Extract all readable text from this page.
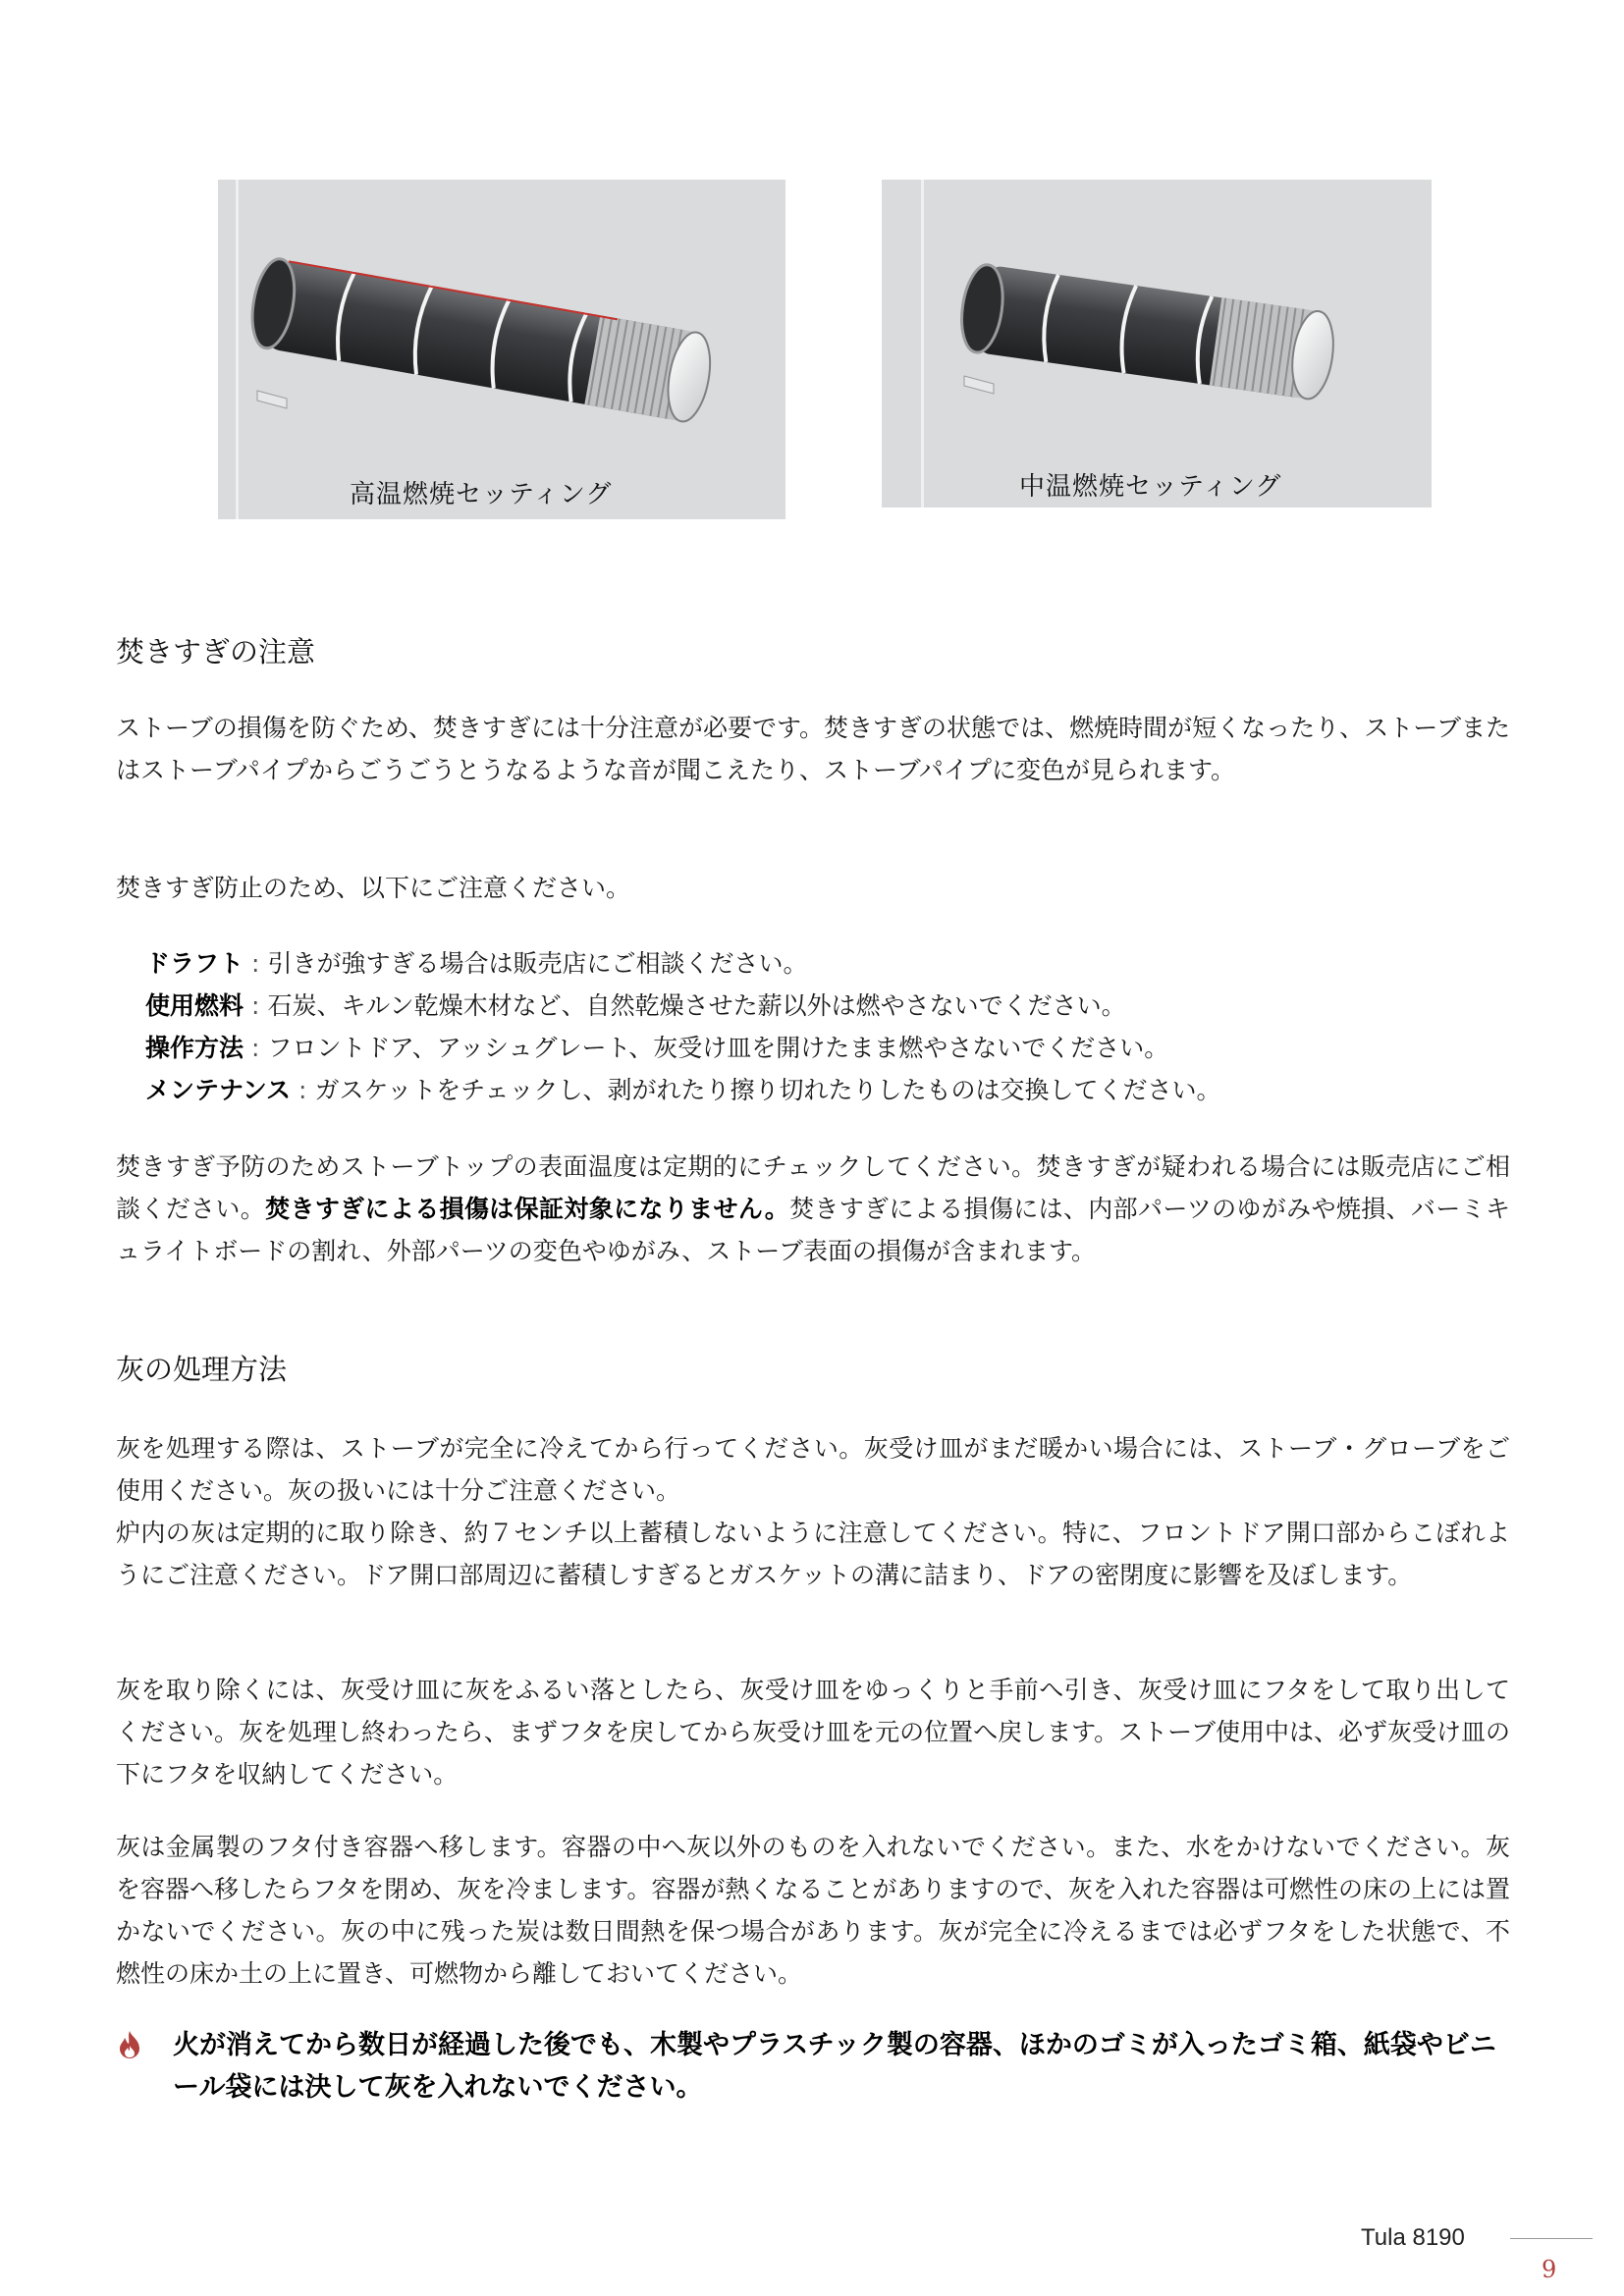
高温燃焼セッティング	中温燃焼セッティング
焚きすぎの注意

ストーブの損傷を防ぐため、焚きすぎには十分注意が必要です。焚きすぎの状態では、燃焼時間が短くなったり、ストーブまたはストーブパイプからごうごうとうなるような音が聞こえたり、ストーブパイプに変色が見られます。

焚きすぎ防止のため、以下にご注意ください。

ドラフト : 引きが強すぎる場合は販売店にご相談ください。
使用燃料 : 石炭、キルン乾燥木材など、自然乾燥させた薪以外は燃やさないでください。
操作方法 : フロントドア、アッシュグレート、灰受け皿を開けたまま燃やさないでください。
メンテナンス : ガスケットをチェックし、剥がれたり擦り切れたりしたものは交換してください。

焚きすぎ予防のためストーブトップの表面温度は定期的にチェックしてください。焚きすぎが疑われる場合には販売店にご相談ください。焚きすぎによる損傷は保証対象になりません。焚きすぎによる損傷には、内部パーツのゆがみや焼損、バーミキュライトボードの割れ、外部パーツの変色やゆがみ、ストーブ表面の損傷が含まれます。

灰の処理方法

灰を処理する際は、ストーブが完全に冷えてから行ってください。灰受け皿がまだ暖かい場合には、ストーブ・グローブをご使用ください。灰の扱いには十分ご注意ください。

炉内の灰は定期的に取り除き、約７センチ以上蓄積しないように注意してください。特に、フロントドア開口部からこぼれようにご注意ください。ドア開口部周辺に蓄積しすぎるとガスケットの溝に詰まり、ドアの密閉度に影響を及ぼします。

灰を取り除くには、灰受け皿に灰をふるい落としたら、灰受け皿をゆっくりと手前へ引き、灰受け皿にフタをして取り出してください。灰を処理し終わったら、まずフタを戻してから灰受け皿を元の位置へ戻します。ストーブ使用中は、必ず灰受け皿の下にフタを収納してください。

灰は金属製のフタ付き容器へ移します。容器の中へ灰以外のものを入れないでください。また、水をかけないでください。灰を容器へ移したらフタを閉め、灰を冷まします。容器が熱くなることがありますので、灰を入れた容器は可燃性の床の上には置かないでください。灰の中に残った炭は数日間熱を保つ場合があります。灰が完全に冷えるまでは必ずフタをした状態で、不燃性の床か土の上に置き、可燃物から離しておいてください。

火が消えてから数日が経過した後でも、木製やプラスチック製の容器、ほかのゴミが入ったゴミ箱、紙袋やビニール袋には決して灰を入れないでください。

Tula 8190
9
